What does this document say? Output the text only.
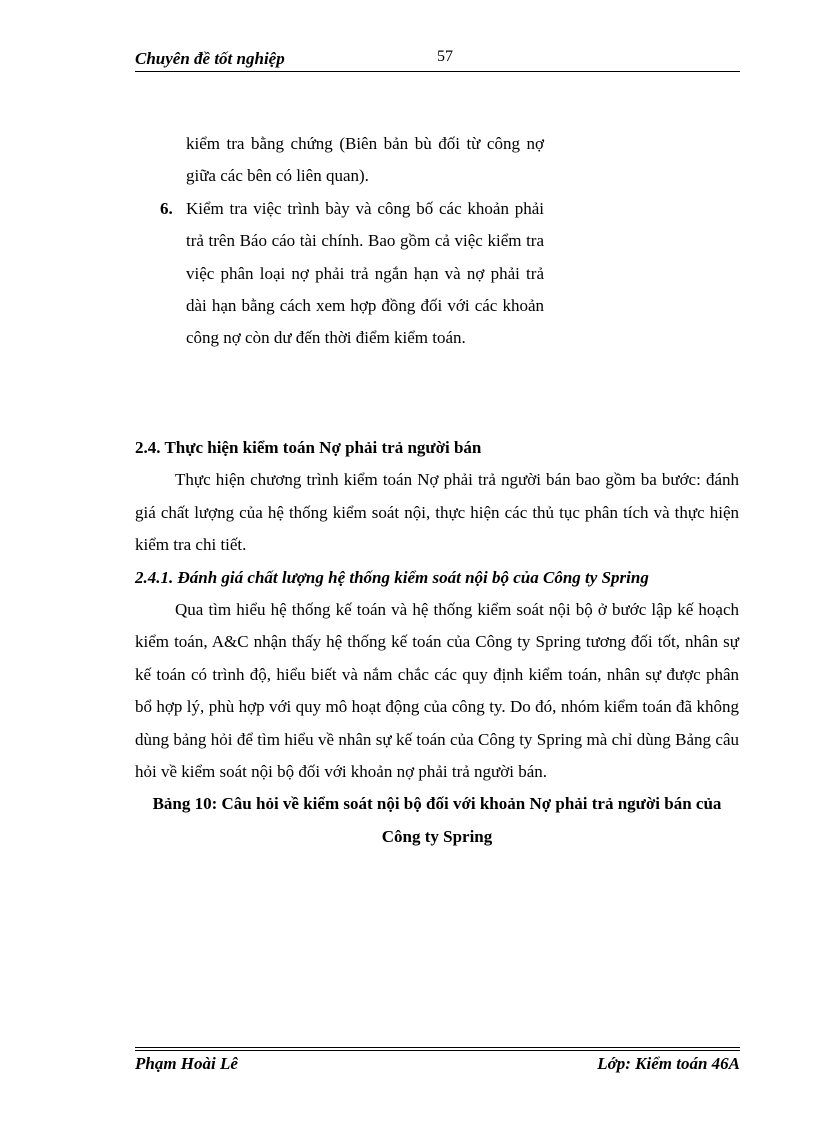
Chuyên đề tốt nghiệp	57
kiểm tra bằng chứng (Biên bản bù đối từ công nợ giữa các bên có liên quan).
6. Kiểm tra việc trình bày và công bố các khoản phải trả trên Báo cáo tài chính. Bao gồm cả việc kiểm tra việc phân loại nợ phải trả ngắn hạn và nợ phải trả dài hạn bằng cách xem hợp đồng đối với các khoản công nợ còn dư đến thời điểm kiểm toán.

2.4. Thực hiện kiểm toán Nợ phải trả người bán

Thực hiện chương trình kiểm toán Nợ phải trả người bán bao gồm ba bước: đánh giá chất lượng của hệ thống kiểm soát nội, thực hiện các thủ tục phân tích và thực hiện kiểm tra chi tiết.

2.4.1. Đánh giá chất lượng hệ thống kiểm soát nội bộ của Công ty Spring

Qua tìm hiểu hệ thống kế toán và hệ thống kiểm soát nội bộ ở bước lập kế hoạch kiểm toán, A&C nhận thấy hệ thống kế toán của Công ty Spring tương đối tốt, nhân sự kế toán có trình độ, hiểu biết và nắm chắc các quy định kiểm toán, nhân sự được phân bổ hợp lý, phù hợp với quy mô hoạt động của công ty. Do đó, nhóm kiểm toán đã không dùng bảng hỏi để tìm hiểu về nhân sự kế toán của Công ty Spring mà chỉ dùng Bảng câu hỏi về kiểm soát nội bộ đối với khoản nợ phải trả người bán.

Bảng 10: Câu hỏi về kiểm soát nội bộ đối với khoản Nợ phải trả người bán của Công ty Spring

Phạm Hoài Lê	Lớp: Kiểm toán 46A
